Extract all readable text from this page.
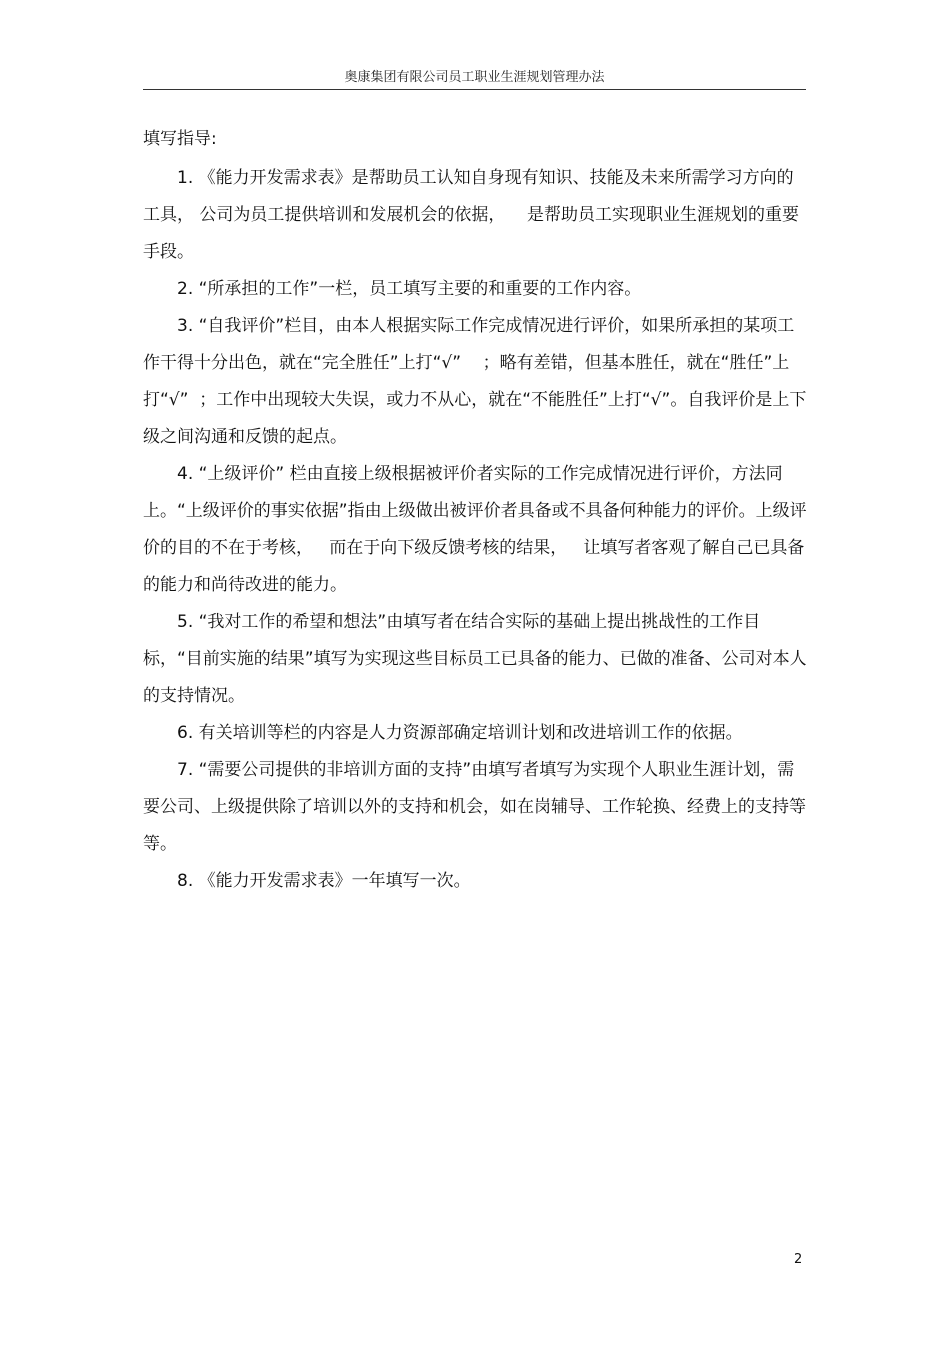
奥康集团有限公司员工职业生涯规划管理办法
填写指导:
1. 《能力开发需求表》是帮助员工认知自身现有知识、技能及未来所需学习方向的工具， 公司为员工提供培训和发展机会的依据，    是帮助员工实现职业生涯规划的重要手段。
2. “所承担的工作”一栏，员工填写主要的和重要的工作内容。
3. “自我评价”栏目，由本人根据实际工作完成情况进行评价，如果所承担的某项工作干得十分出色，就在“完全胜任”上打“√”    ；略有差错，但基本胜任，就在“胜任”上打“√”  ；工作中出现较大失误，或力不从心，就在“不能胜任”上打“√”。自我评价是上下级之间沟通和反馈的起点。
4. “上级评价” 栏由直接上级根据被评价者实际的工作完成情况进行评价，方法同上。“上级评价的事实依据”指由上级做出被评价者具备或不具备何种能力的评价。上级评价的目的不在于考核，   而在于向下级反馈考核的结果，   让填写者客观了解自己已具备的能力和尚待改进的能力。
5. “我对工作的希望和想法”由填写者在结合实际的基础上提出挑战性的工作目标，“目前实施的结果”填写为实现这些目标员工已具备的能力、已做的准备、公司对本人的支持情况。
6. 有关培训等栏的内容是人力资源部确定培训计划和改进培训工作的依据。
7. “需要公司提供的非培训方面的支持”由填写者填写为实现个人职业生涯计划，需要公司、上级提供除了培训以外的支持和机会，如在岗辅导、工作轮换、经费上的支持等等。
8. 《能力开发需求表》一年填写一次。
2
